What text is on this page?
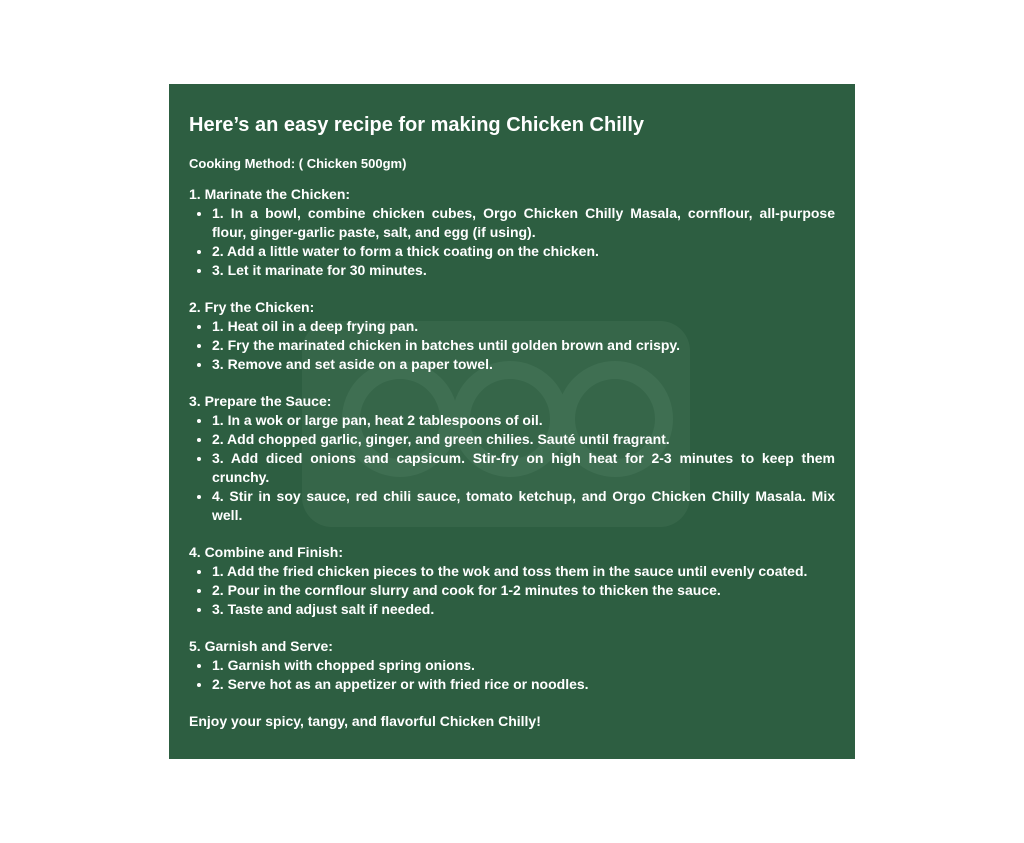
Here’s an easy recipe for making Chicken Chilly
Cooking Method: ( Chicken 500gm)
1. Marinate the Chicken:
• 1. In a bowl, combine chicken cubes, Orgo Chicken Chilly Masala, cornflour, all-purpose flour, ginger-garlic paste, salt, and egg (if using).
• 2. Add a little water to form a thick coating on the chicken.
• 3. Let it marinate for 30 minutes.
2. Fry the Chicken:
• 1. Heat oil in a deep frying pan.
• 2. Fry the marinated chicken in batches until golden brown and crispy.
• 3. Remove and set aside on a paper towel.
3. Prepare the Sauce:
• 1. In a wok or large pan, heat 2 tablespoons of oil.
• 2. Add chopped garlic, ginger, and green chilies. Sauté until fragrant.
• 3. Add diced onions and capsicum. Stir-fry on high heat for 2-3 minutes to keep them crunchy.
• 4. Stir in soy sauce, red chili sauce, tomato ketchup, and Orgo Chicken Chilly Masala. Mix well.
4. Combine and Finish:
• 1. Add the fried chicken pieces to the wok and toss them in the sauce until evenly coated.
• 2. Pour in the cornflour slurry and cook for 1-2 minutes to thicken the sauce.
• 3. Taste and adjust salt if needed.
5. Garnish and Serve:
• 1. Garnish with chopped spring onions.
• 2. Serve hot as an appetizer or with fried rice or noodles.
Enjoy your spicy, tangy, and flavorful Chicken Chilly!
